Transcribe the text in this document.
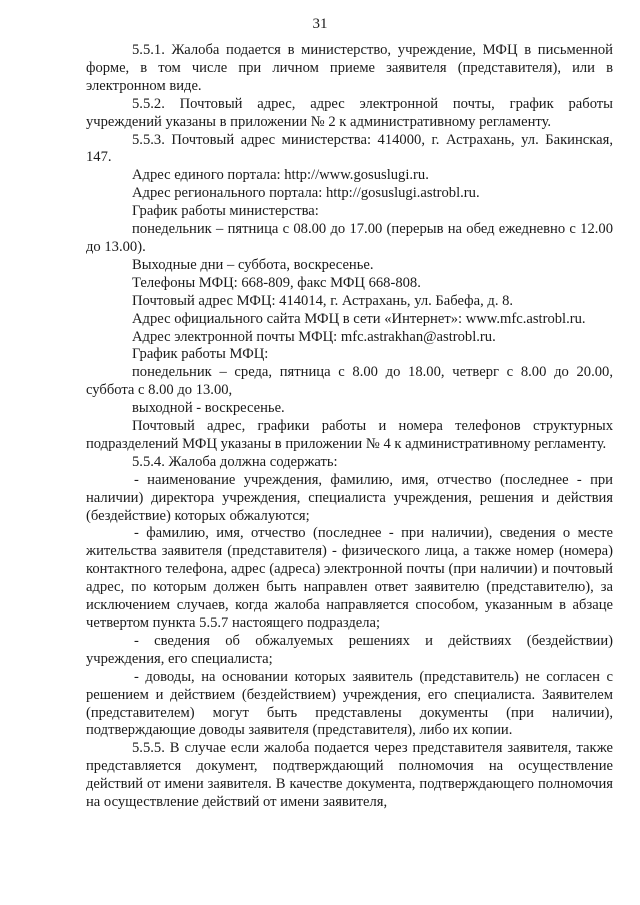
31

5.5.1. Жалоба подается в министерство, учреждение, МФЦ в письменной форме, в том числе при личном приеме заявителя (представителя), или в электронном виде.

5.5.2. Почтовый адрес, адрес электронной почты, график работы учреждений указаны в приложении № 2 к административному регламенту.

5.5.3. Почтовый адрес министерства: 414000, г. Астрахань, ул. Бакинская, 147.

Адрес единого портала: http://www.gosuslugi.ru.

Адрес регионального портала: http://gosuslugi.astrobl.ru.

График работы министерства:

понедельник – пятница с 08.00 до 17.00 (перерыв на обед ежедневно с 12.00 до 13.00).

Выходные дни – суббота, воскресенье.

Телефоны МФЦ: 668-809, факс МФЦ 668-808.

Почтовый адрес МФЦ: 414014, г. Астрахань, ул. Бабефа, д. 8.

Адрес официального сайта МФЦ в сети «Интернет»: www.mfc.astrobl.ru.

Адрес электронной почты МФЦ: mfc.astrakhan@astrobl.ru.

График работы МФЦ:

понедельник – среда, пятница с 8.00 до 18.00, четверг с 8.00 до 20.00, суббота с 8.00 до 13.00,

выходной - воскресенье.

Почтовый адрес, графики работы и номера телефонов структурных подразделений МФЦ указаны в приложении № 4 к административному регламенту.

5.5.4. Жалоба должна содержать:

- наименование учреждения, фамилию, имя, отчество (последнее - при наличии) директора учреждения, специалиста учреждения, решения и действия (бездействие) которых обжалуются;

- фамилию, имя, отчество (последнее - при наличии), сведения о месте жительства заявителя (представителя) - физического лица, а также номер (номера) контактного телефона, адрес (адреса) электронной почты (при наличии) и почтовый адрес, по которым должен быть направлен ответ заявителю (представителю), за исключением случаев, когда жалоба направляется способом, указанным в абзаце четвертом пункта 5.5.7 настоящего подраздела;

- сведения об обжалуемых решениях и действиях (бездействии) учреждения, его специалиста;

- доводы, на основании которых заявитель (представитель) не согласен с решением и действием (бездействием) учреждения, его специалиста. Заявителем (представителем) могут быть представлены документы (при наличии), подтверждающие доводы заявителя (представителя), либо их копии.

5.5.5. В случае если жалоба подается через представителя заявителя, также представляется документ, подтверждающий полномочия на осуществление действий от имени заявителя. В качестве документа, подтверждающего полномочия на осуществление действий от имени заявителя,
